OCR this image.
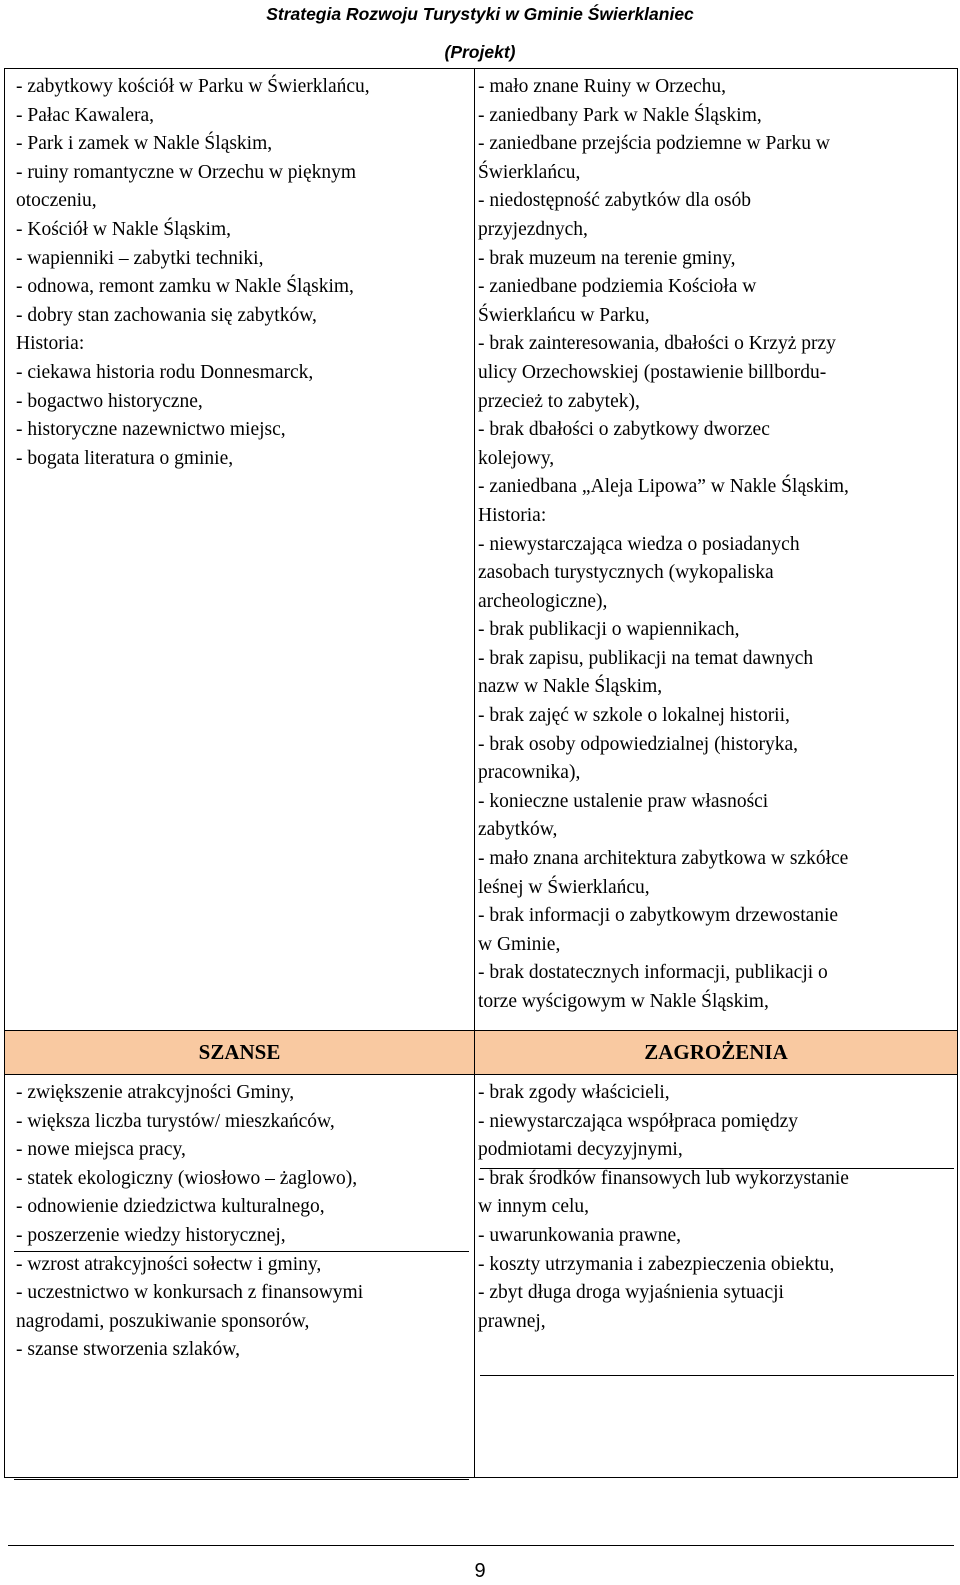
Strategia Rozwoju Turystyki w Gminie Świerklaniec
(Projekt)
SZANSE	ZAGROŻENIA
- zabytkowy kościół w Parku w Świerklańcu,
- Pałac Kawalera,
- Park i zamek w Nakle Śląskim,
- ruiny romantyczne w Orzechu w pięknym
otoczeniu,
- Kościół w Nakle Śląskim,
- wapienniki – zabytki techniki,
- odnowa, remont zamku w Nakle Śląskim,
- dobry stan zachowania się zabytków,
Historia:
- ciekawa historia rodu Donnesmarck,
- bogactwo historyczne,
- historyczne nazewnictwo miejsc,
- bogata literatura o gminie,
- mało znane Ruiny w Orzechu,
- zaniedbany Park w Nakle Śląskim,
- zaniedbane przejścia podziemne w Parku w
Świerklańcu,
- niedostępność zabytków dla osób
przyjezdnych,
- brak muzeum na terenie gminy,
- zaniedbane podziemia Kościoła w
Świerklańcu w Parku,
- brak zainteresowania, dbałości o Krzyż przy
ulicy Orzechowskiej (postawienie billbordu-
przecież to zabytek),
- brak dbałości o zabytkowy dworzec
kolejowy,
- zaniedbana „Aleja Lipowa” w Nakle Śląskim,
Historia:
- niewystarczająca wiedza o posiadanych
zasobach turystycznych (wykopaliska
archeologiczne),
- brak publikacji o wapiennikach,
- brak zapisu, publikacji na temat dawnych
nazw w Nakle Śląskim,
- brak zajęć w szkole o lokalnej historii,
- brak osoby odpowiedzialnej (historyka,
pracownika),
- konieczne ustalenie praw własności
zabytków,
- mało znana architektura zabytkowa w szkółce
leśnej w Świerklańcu,
- brak informacji o zabytkowym drzewostanie
w Gminie,
- brak dostatecznych informacji, publikacji o
torze wyścigowym w Nakle Śląskim,
- zwiększenie atrakcyjności Gminy,
- większa liczba turystów/ mieszkańców,
- nowe miejsca pracy,
- statek ekologiczny (wiosłowo – żaglowo),
- odnowienie dziedzictwa kulturalnego,
- poszerzenie wiedzy historycznej,
- wzrost atrakcyjności sołectw i gminy,
- uczestnictwo w konkursach z finansowymi
nagrodami, poszukiwanie sponsorów,
- szanse stworzenia szlaków,
- brak zgody właścicieli,
- niewystarczająca współpraca pomiędzy
podmiotami decyzyjnymi,
- brak środków finansowych lub wykorzystanie
w innym celu,
- uwarunkowania prawne,
- koszty utrzymania i zabezpieczenia obiektu,
- zbyt długa droga wyjaśnienia sytuacji
prawnej,
9
